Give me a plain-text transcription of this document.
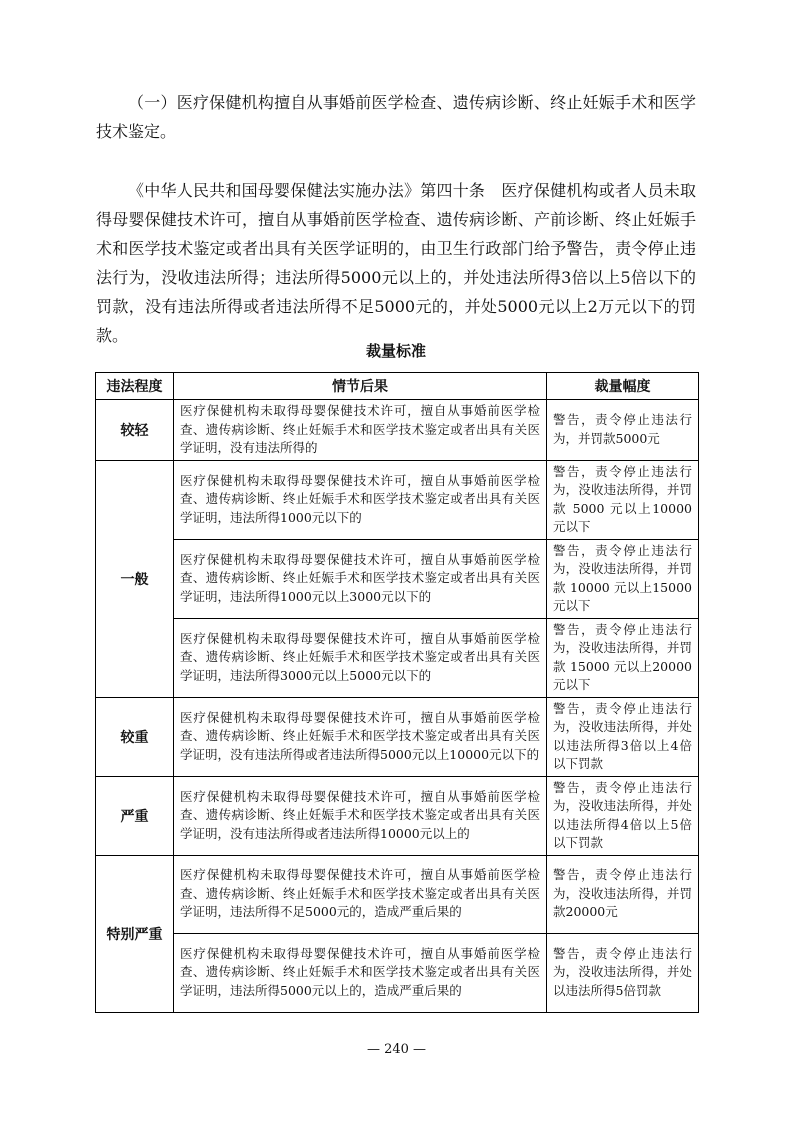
（一）医疗保健机构擅自从事婚前医学检查、遗传病诊断、终止妊娠手术和医学技术鉴定。

《中华人民共和国母婴保健法实施办法》第四十条　医疗保健机构或者人员未取得母婴保健技术许可，擅自从事婚前医学检查、遗传病诊断、产前诊断、终止妊娠手术和医学技术鉴定或者出具有关医学证明的，由卫生行政部门给予警告，责令停止违法行为，没收违法所得；违法所得5000元以上的，并处违法所得3倍以上5倍以下的罚款，没有违法所得或者违法所得不足5000元的，并处5000元以上2万元以下的罚款。

裁量标准
违法程度	情节后果	裁量幅度
较轻	医疗保健机构未取得母婴保健技术许可，擅自从事婚前医学检查、遗传病诊断、终止妊娠手术和医学技术鉴定或者出具有关医学证明，没有违法所得的	警告，责令停止违法行为，并罚款5000元
一般	医疗保健机构未取得母婴保健技术许可，擅自从事婚前医学检查、遗传病诊断、终止妊娠手术和医学技术鉴定或者出具有关医学证明，违法所得1000元以下的	警告，责令停止违法行为，没收违法所得，并罚款 5000 元以上10000元以下
	医疗保健机构未取得母婴保健技术许可，擅自从事婚前医学检查、遗传病诊断、终止妊娠手术和医学技术鉴定或者出具有关医学证明，违法所得1000元以上3000元以下的	警告，责令停止违法行为，没收违法所得，并罚款 10000 元以上15000元以下
	医疗保健机构未取得母婴保健技术许可，擅自从事婚前医学检查、遗传病诊断、终止妊娠手术和医学技术鉴定或者出具有关医学证明，违法所得3000元以上5000元以下的	警告，责令停止违法行为，没收违法所得，并罚款 15000 元以上20000元以下
较重	医疗保健机构未取得母婴保健技术许可，擅自从事婚前医学检查、遗传病诊断、终止妊娠手术和医学技术鉴定或者出具有关医学证明，没有违法所得或者违法所得5000元以上10000元以下的	警告，责令停止违法行为，没收违法所得，并处以违法所得3倍以上4倍以下罚款
严重	医疗保健机构未取得母婴保健技术许可，擅自从事婚前医学检查、遗传病诊断、终止妊娠手术和医学技术鉴定或者出具有关医学证明，没有违法所得或者违法所得10000元以上的	警告，责令停止违法行为，没收违法所得，并处以违法所得4倍以上5倍以下罚款
特别严重	医疗保健机构未取得母婴保健技术许可，擅自从事婚前医学检查、遗传病诊断、终止妊娠手术和医学技术鉴定或者出具有关医学证明，违法所得不足5000元的，造成严重后果的	警告，责令停止违法行为，没收违法所得，并罚款20000元
	医疗保健机构未取得母婴保健技术许可，擅自从事婚前医学检查、遗传病诊断、终止妊娠手术和医学技术鉴定或者出具有关医学证明，违法所得5000元以上的，造成严重后果的	警告，责令停止违法行为，没收违法所得，并处以违法所得5倍罚款
— 240 —
